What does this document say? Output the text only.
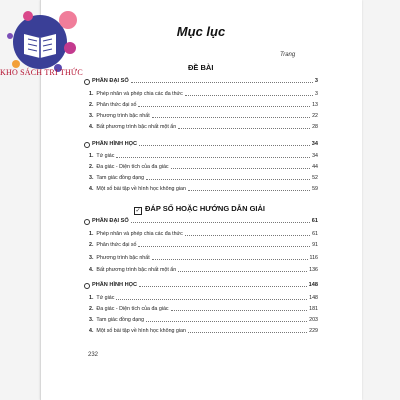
KHO SÁCH TRI THỨC
Mục lục
Trang
ĐỀ BÀI
PHẦN ĐẠI SỐ	3
1. Phép nhân và phép chia các đa thức	3
2. Phân thức đại số	13
3. Phương trình bậc nhất	22
4. Bất phương trình bậc nhất một ẩn	28
PHẦN HÌNH HỌC	34
1. Tứ giác	34
2. Đa giác - Diện tích của đa giác	44
3. Tam giác đồng dạng	52
4. Một số bài tập về hình học không gian	59
✓ ĐÁP SỐ HOẶC HƯỚNG DẪN GIẢI
PHẦN ĐẠI SỐ	61
1. Phép nhân và phép chia các đa thức	61
2. Phân thức đại số	91
3. Phương trình bậc nhất	116
4. Bất phương trình bậc nhất một ẩn	136
PHẦN HÌNH HỌC	148
1. Tứ giác	148
2. Đa giác - Diện tích của đa giác	181
3. Tam giác đồng dạng	203
4. Một số bài tập về hình học không gian	229
232
